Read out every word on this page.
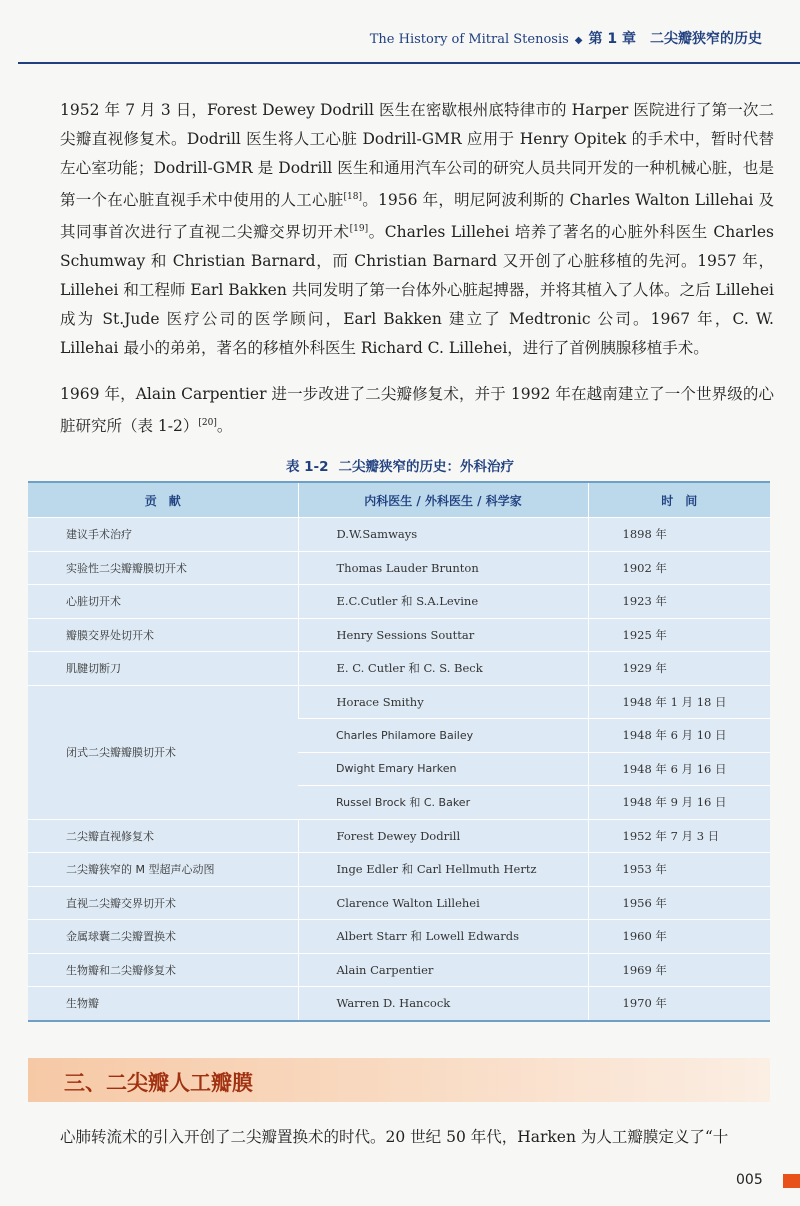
The History of Mitral Stenosis ◆ 第 1 章　二尖瓣狭窄的历史
1952 年 7 月 3 日，Forest Dewey Dodrill 医生在密歇根州底特律市的 Harper 医院进行了第一次二尖瓣直视修复术。Dodrill 医生将人工心脏 Dodrill-GMR 应用于 Henry Opitek 的手术中，暂时代替左心室功能；Dodrill-GMR 是 Dodrill 医生和通用汽车公司的研究人员共同开发的一种机械心脏，也是第一个在心脏直视手术中使用的人工心脏[18]。1956 年，明尼阿波利斯的 Charles Walton Lillehai 及其同事首次进行了直视二尖瓣交界切开术[19]。Charles Lillehei 培养了著名的心脏外科医生 Charles Schumway 和 Christian Barnard，而 Christian Barnard 又开创了心脏移植的先河。1957 年，Lillehei 和工程师 Earl Bakken 共同发明了第一台体外心脏起搏器，并将其植入了人体。之后 Lillehei 成为 St.Jude 医疗公司的医学顾问，Earl Bakken 建立了 Medtronic 公司。1967 年，C. W. Lillehai 最小的弟弟，著名的移植外科医生 Richard C. Lillehei，进行了首例胰腺移植手术。
1969 年，Alain Carpentier 进一步改进了二尖瓣修复术，并于 1992 年在越南建立了一个世界级的心脏研究所（表 1-2）[20]。
表 1-2 二尖瓣狭窄的历史：外科治疗
贡　献	内科医生 / 外科医生 / 科学家	时　间
建议手术治疗	D.W.Samways	1898 年
实验性二尖瓣瓣膜切开术	Thomas Lauder Brunton	1902 年
心脏切开术	E.C.Cutler 和 S.A.Levine	1923 年
瓣膜交界处切开术	Henry Sessions Souttar	1925 年
肌腱切断刀	E. C. Cutler 和 C. S. Beck	1929 年
闭式二尖瓣瓣膜切开术	Horace Smithy	1948 年 1 月 18 日
	Charles Philamore Bailey	1948 年 6 月 10 日
	Dwight Emary Harken	1948 年 6 月 16 日
	Russel Brock 和 C. Baker	1948 年 9 月 16 日
二尖瓣直视修复术	Forest Dewey Dodrill	1952 年 7 月 3 日
二尖瓣狭窄的 M 型超声心动图	Inge Edler 和 Carl Hellmuth Hertz	1953 年
直视二尖瓣交界切开术	Clarence Walton Lillehei	1956 年
金属球囊二尖瓣置换术	Albert Starr 和 Lowell Edwards	1960 年
生物瓣和二尖瓣修复术	Alain Carpentier	1969 年
生物瓣	Warren D. Hancock	1970 年
三、二尖瓣人工瓣膜
心肺转流术的引入开创了二尖瓣置换术的时代。20 世纪 50 年代，Harken 为人工瓣膜定义了“十
005
